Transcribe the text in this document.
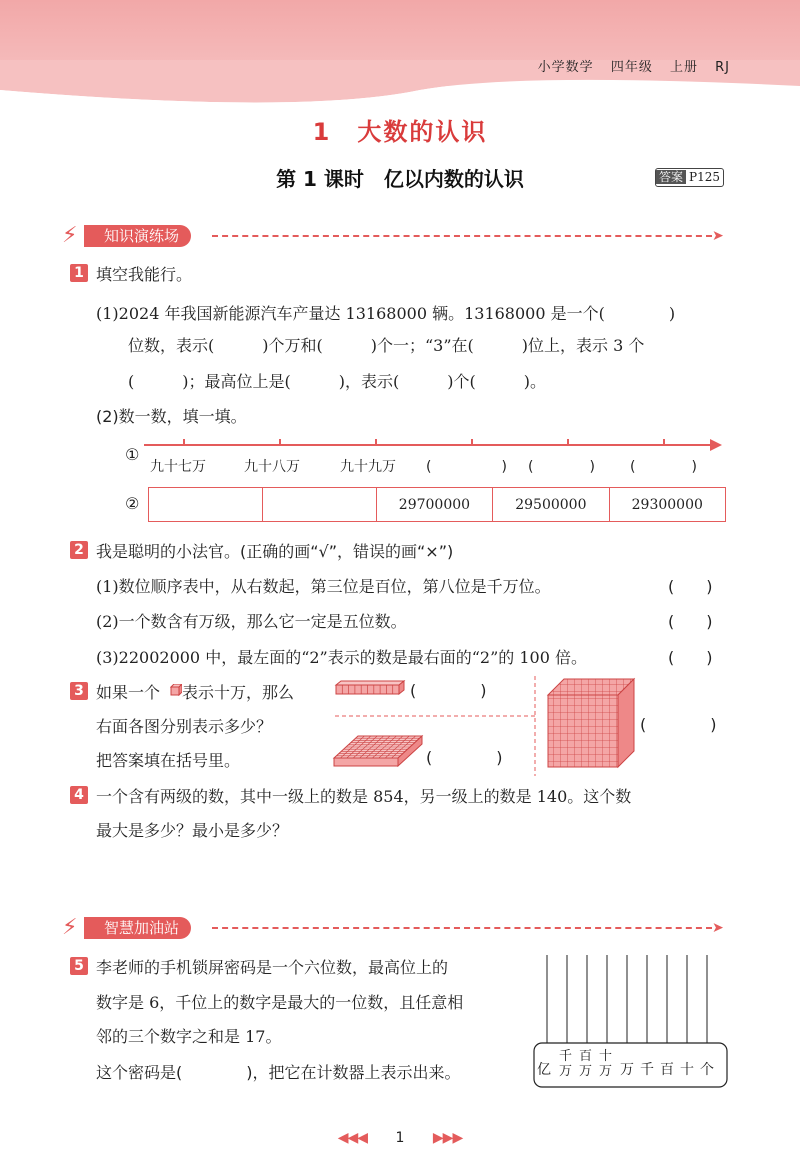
小学数学 四年级 上册 RJ
1　大数的认识
第 1 课时　亿以内数的认识	答案 P125
⚡	知识演练场	➤
1 填空我能行。
(1)2024 年我国新能源汽车产量达 13168000 辆。13168000 是一个(　　　　)
位数，表示(　　　)个万和(　　　)个一；“3”在(　　　)位上，表示 3 个
(　　　)；最高位上是(　　　)，表示(　　　)个(　　　)。
(2)数一数，填一填。
①
九十七万	九十八万	九十九万 (　　　　　) (　　　　)	(　　　　)
②
			29700000	29500000	29300000
2 我是聪明的小法官。(正确的画“√”，错误的画“×”)
(1)数位顺序表中，从右数起，第三位是百位，第八位是千万位。	(　　)
(2)一个数含有万级，那么它一定是五位数。	(　　)
(3)22002000 中，最左面的“2”表示的数是最右面的“2”的 100 倍。	(　　)
3 如果一个 表示十万，那么
右面各图分别表示多少？
把答案填在括号里。
(　　　　)
(　　　　)
(　　　　)
4 一个含有两级的数，其中一级上的数是 854，另一级上的数是 140。这个数
最大是多少？最小是多少？
⚡	智慧加油站	➤
5 李老师的手机锁屏密码是一个六位数，最高位上的
数字是 6，千位上的数字是最大的一位数，且任意相
邻的三个数字之和是 17。
这个密码是(　　　　)，把它在计数器上表示出来。	亿
千万
百万
十万 万 千 百 十 个
◀◀◀ 1 ▶▶▶
